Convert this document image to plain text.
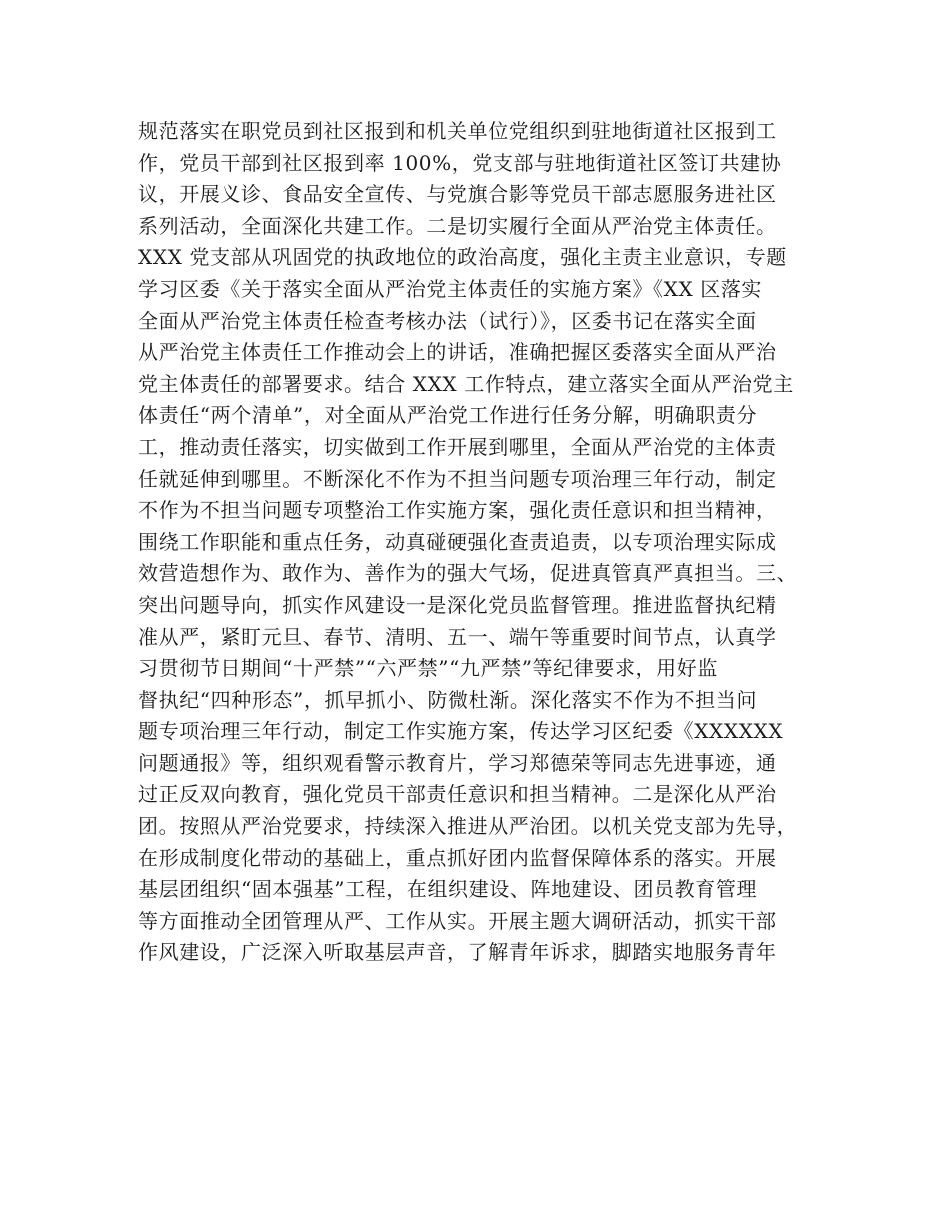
规范落实在职党员到社区报到和机关单位党组织到驻地街道社区报到工
作，党员干部到社区报到率 100%，党支部与驻地街道社区签订共建协
议，开展义诊、食品安全宣传、与党旗合影等党员干部志愿服务进社区
系列活动，全面深化共建工作。二是切实履行全面从严治党主体责任。
XXX 党支部从巩固党的执政地位的政治高度，强化主责主业意识，专题
学习区委《关于落实全面从严治党主体责任的实施方案》《XX 区落实
全面从严治党主体责任检查考核办法（试行）》，区委书记在落实全面
从严治党主体责任工作推动会上的讲话，准确把握区委落实全面从严治
党主体责任的部署要求。结合 XXX 工作特点，建立落实全面从严治党主
体责任“两个清单”，对全面从严治党工作进行任务分解，明确职责分
工，推动责任落实，切实做到工作开展到哪里，全面从严治党的主体责
任就延伸到哪里。不断深化不作为不担当问题专项治理三年行动，制定
不作为不担当问题专项整治工作实施方案，强化责任意识和担当精神，
围绕工作职能和重点任务，动真碰硬强化查责追责，以专项治理实际成
效营造想作为、敢作为、善作为的强大气场，促进真管真严真担当。三、
突出问题导向，抓实作风建设一是深化党员监督管理。推进监督执纪精
准从严，紧盯元旦、春节、清明、五一、端午等重要时间节点，认真学
习贯彻节日期间“十严禁”“六严禁”“九严禁”等纪律要求，用好监
督执纪“四种形态”，抓早抓小、防微杜渐。深化落实不作为不担当问
题专项治理三年行动，制定工作实施方案，传达学习区纪委《XXXXXX
问题通报》等，组织观看警示教育片，学习郑德荣等同志先进事迹，通
过正反双向教育，强化党员干部责任意识和担当精神。二是深化从严治
团。按照从严治党要求，持续深入推进从严治团。以机关党支部为先导，
在形成制度化带动的基础上，重点抓好团内监督保障体系的落实。开展
基层团组织“固本强基”工程，在组织建设、阵地建设、团员教育管理
等方面推动全团管理从严、工作从实。开展主题大调研活动，抓实干部
作风建设，广泛深入听取基层声音，了解青年诉求，脚踏实地服务青年
